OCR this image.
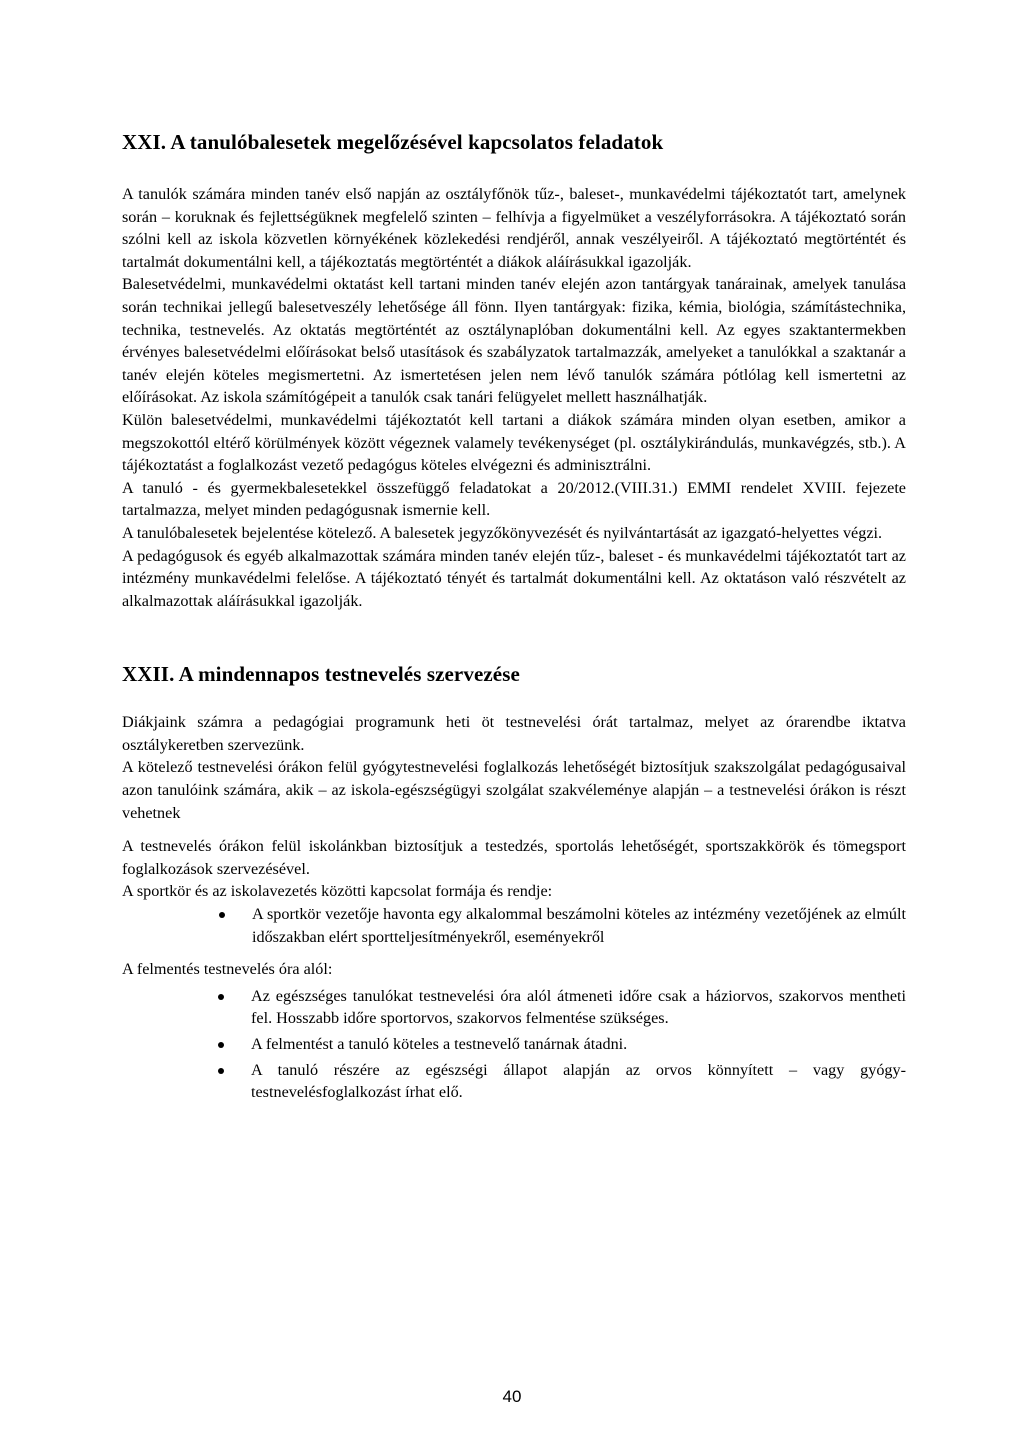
XXI. A tanulóbalesetek megelőzésével kapcsolatos feladatok

A tanulók számára minden tanév első napján az osztályfőnök tűz-, baleset-, munkavédelmi tájékoztatót tart, amelynek során – koruknak és fejlettségüknek megfelelő szinten – felhívja a figyelmüket a veszélyforrásokra. A tájékoztató során szólni kell az iskola közvetlen környékének közlekedési rendjéről, annak veszélyeiről. A tájékoztató megtörténtét és tartalmát dokumentálni kell, a tájékoztatás megtörténtét a diákok aláírásukkal igazolják.

Balesetvédelmi, munkavédelmi oktatást kell tartani minden tanév elején azon tantárgyak tanárainak, amelyek tanulása során technikai jellegű balesetveszély lehetősége áll fönn. Ilyen tantárgyak: fizika, kémia, biológia, számítástechnika, technika, testnevelés. Az oktatás megtörténtét az osztálynaplóban dokumentálni kell. Az egyes szaktantermekben érvényes balesetvédelmi előírásokat belső utasítások és szabályzatok tartalmazzák, amelyeket a tanulókkal a szaktanár a tanév elején köteles megismertetni. Az ismertetésen jelen nem lévő tanulók számára pótlólag kell ismertetni az előírásokat. Az iskola számítógépeit a tanulók csak tanári felügyelet mellett használhatják.

Külön balesetvédelmi, munkavédelmi tájékoztatót kell tartani a diákok számára minden olyan esetben, amikor a megszokottól eltérő körülmények között végeznek valamely tevékenységet (pl. osztálykirándulás, munkavégzés, stb.). A tájékoztatást a foglalkozást vezető pedagógus köteles elvégezni és adminisztrálni.

A tanuló - és gyermekbalesetekkel összefüggő feladatokat a 20/2012.(VIII.31.) EMMI rendelet XVIII. fejezete tartalmazza, melyet minden pedagógusnak ismernie kell.

A tanulóbalesetek bejelentése kötelező. A balesetek jegyzőkönyvezését és nyilvántartását az igazgató-helyettes végzi.

A pedagógusok és egyéb alkalmazottak számára minden tanév elején tűz-, baleset - és munkavédelmi tájékoztatót tart az intézmény munkavédelmi felelőse. A tájékoztató tényét és tartalmát dokumentálni kell. Az oktatáson való részvételt az alkalmazottak aláírásukkal igazolják.

XXII. A mindennapos testnevelés szervezése

Diákjaink számra a pedagógiai programunk heti öt testnevelési órát tartalmaz, melyet az órarendbe iktatva osztálykeretben szervezünk.

A kötelező testnevelési órákon felül gyógytestnevelési foglalkozás lehetőségét biztosítjuk szakszolgálat pedagógusaival azon tanulóink számára, akik – az iskola-egészségügyi szolgálat szakvéleménye alapján – a testnevelési órákon is részt vehetnek

A testnevelés órákon felül iskolánkban biztosítjuk a testedzés, sportolás lehetőségét, sportszakkörök és tömegsport foglalkozások szervezésével.

A sportkör és az iskolavezetés közötti kapcsolat formája és rendje:

A sportkör vezetője havonta egy alkalommal beszámolni köteles az intézmény vezetőjének az elmúlt időszakban elért sportteljesítményekről, eseményekről

A felmentés testnevelés óra alól:

Az egészséges tanulókat testnevelési óra alól átmeneti időre csak a háziorvos, szakorvos mentheti fel. Hosszabb időre sportorvos, szakorvos felmentése szükséges.
A felmentést a tanuló köteles a testnevelő tanárnak átadni.
A tanuló részére az egészségi állapot alapján az orvos könnyített – vagy gyógy-testnevelésfoglalkozást írhat elő.
40
